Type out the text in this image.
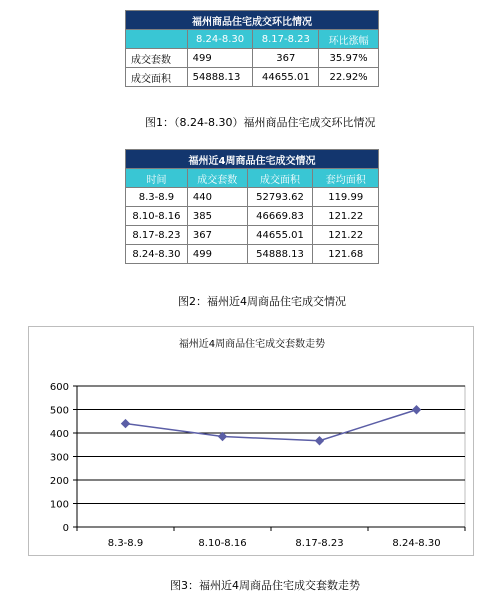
福州商品住宅成交环比情况			
	8.24-8.30	8.17-8.23	环比涨幅
成交套数	499	367	35.97%
成交面积	54888.13	44655.01	22.92%
图1：（8.24-8.30）福州商品住宅成交环比情况
福州近4周商品住宅成交情况			
时间	成交套数	成交面积	套均面积
8.3-8.9	440	52793.62	119.99
8.10-8.16	385	46669.83	121.22
8.17-8.23	367	44655.01	121.22
8.24-8.30	499	54888.13	121.68
图2：福州近4周商品住宅成交情况
福州近4周商品住宅成交套数走势
0
100
200
300
400
500
600
8.3-8.9	8.10-8.16	8.17-8.23	8.24-8.30
图3：福州近4周商品住宅成交套数走势
